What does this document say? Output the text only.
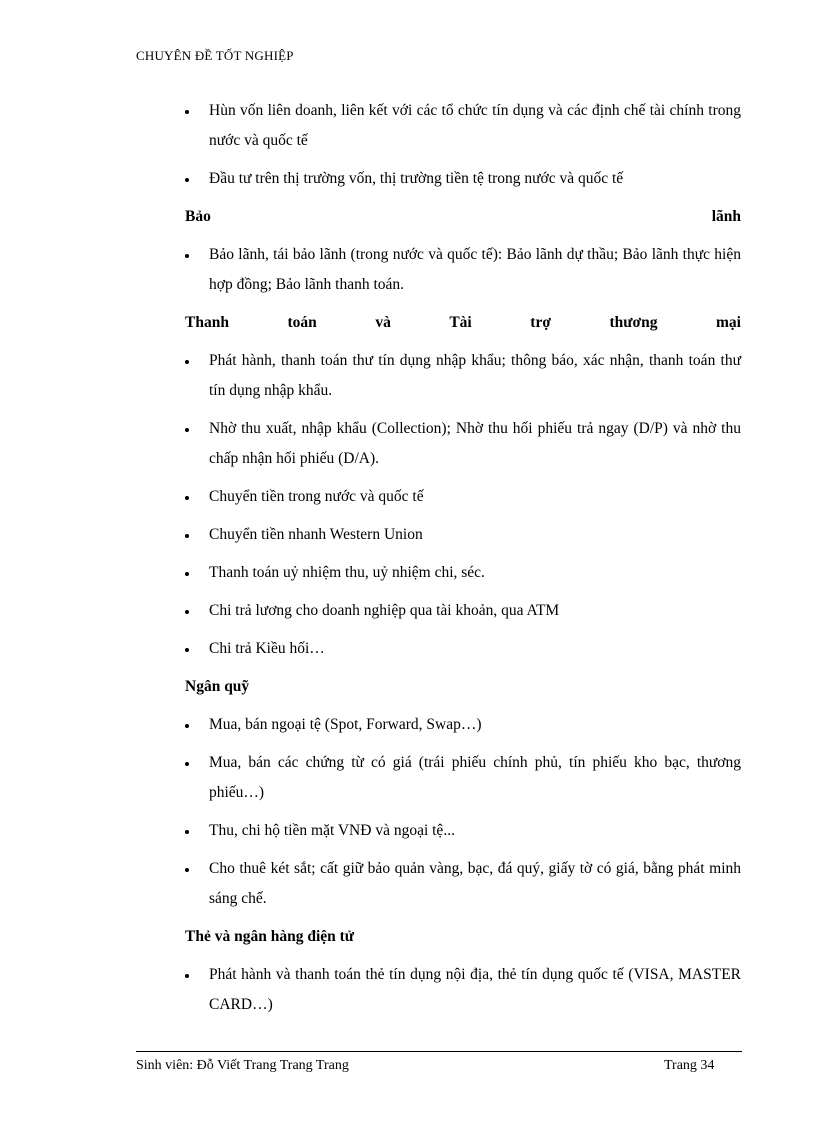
CHUYÊN ĐỀ TỐT NGHIỆP
Hùn vốn liên doanh, liên kết với các tổ chức tín dụng và các định chế tài chính trong nước và quốc tế
Đầu tư trên thị trường vốn, thị trường tiền tệ trong nước và quốc tế
Bảo	lãnh
Bảo lãnh, tái bảo lãnh (trong nước và quốc tế): Bảo lãnh dự thầu; Bảo lãnh thực hiện hợp đồng; Bảo lãnh thanh toán.
Thanh	toán	và	Tài	trợ	thương	mại
Phát hành, thanh toán thư tín dụng nhập khẩu; thông báo, xác nhận, thanh toán thư tín dụng nhập khẩu.
Nhờ thu xuất, nhập khẩu (Collection); Nhờ thu hối phiếu trả ngay (D/P) và nhờ thu chấp nhận hối phiếu (D/A).
Chuyển tiền trong nước và quốc tế
Chuyển tiền nhanh Western Union
Thanh toán uỷ nhiệm thu, uỷ nhiệm chi, séc.
Chi trả lương cho doanh nghiệp qua tài khoản, qua ATM
Chi trả Kiều hối…
Ngân quỹ
Mua, bán ngoại tệ (Spot, Forward, Swap…)
Mua, bán các chứng từ có giá (trái phiếu chính phủ, tín phiếu kho bạc, thương phiếu…)
Thu, chi hộ tiền mặt VNĐ và ngoại tệ...
Cho thuê két sắt; cất giữ bảo quản vàng, bạc, đá quý, giấy tờ có giá, bằng phát minh sáng chế.
Thẻ và ngân hàng điện tử
Phát hành và thanh toán thẻ tín dụng nội địa, thẻ tín dụng quốc tế (VISA, MASTER CARD…)
Sinh viên: Đỗ Viết Trang Trang Trang	Trang 34
